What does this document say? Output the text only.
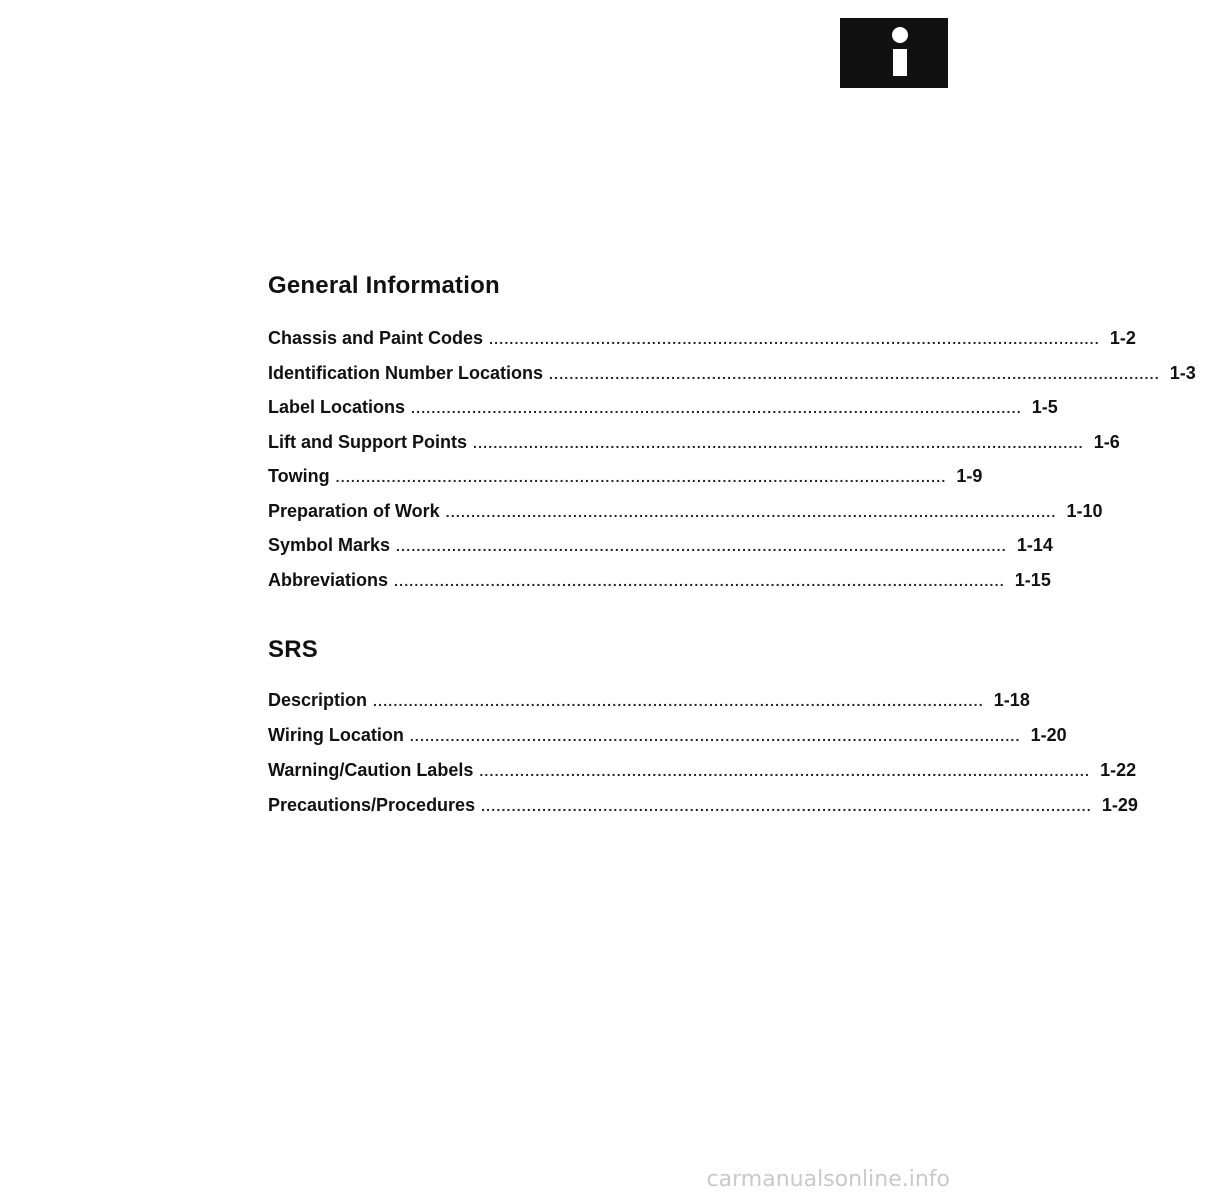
General Information
Chassis and Paint Codes ........................................................................................................................ 1-2
Identification Number Locations ........................................................................................................................ 1-3
Label Locations ........................................................................................................................ 1-5
Lift and Support Points ........................................................................................................................ 1-6
Towing ........................................................................................................................ 1-9
Preparation of Work ........................................................................................................................ 1-10
Symbol Marks ........................................................................................................................ 1-14
Abbreviations ........................................................................................................................ 1-15
SRS
Description ........................................................................................................................ 1-18
Wiring Location ........................................................................................................................ 1-20
Warning/Caution Labels ........................................................................................................................ 1-22
Precautions/Procedures ........................................................................................................................ 1-29
carmanualsonline.info
